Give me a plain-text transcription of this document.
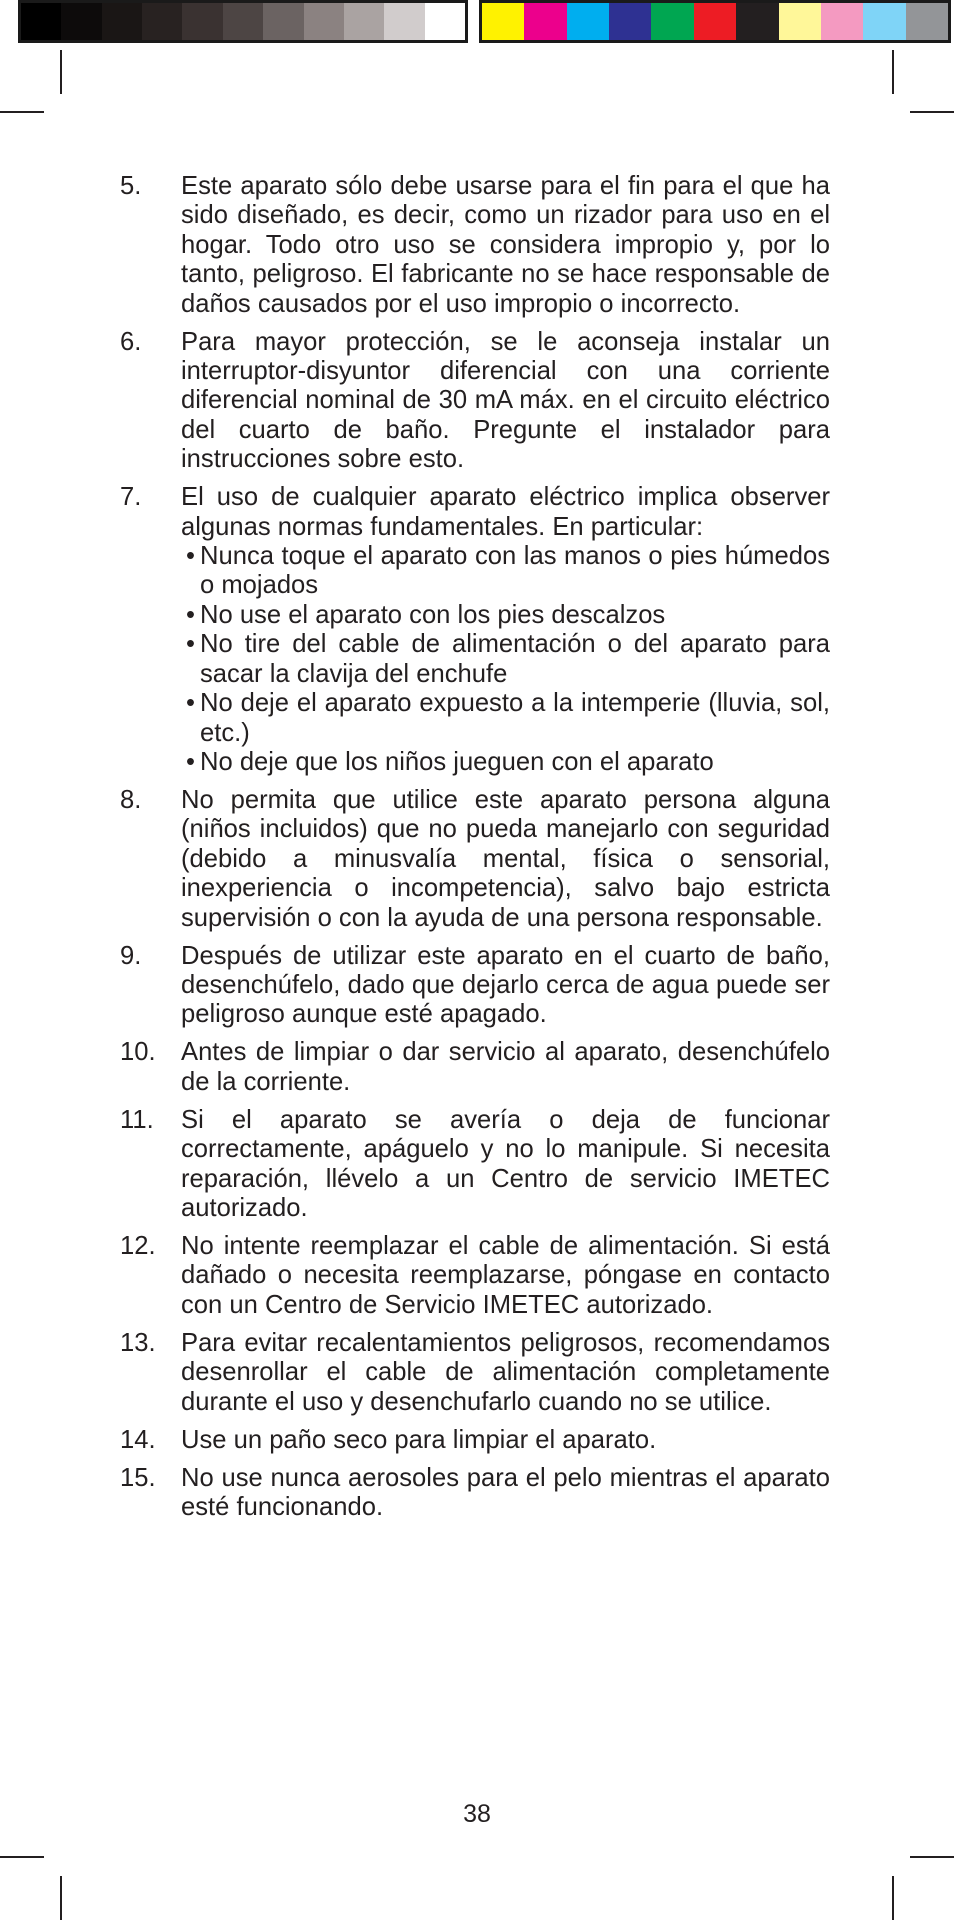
5.	Este aparato sólo debe usarse para el fin para el que ha sido diseñado, es decir, como un rizador para uso en el hogar. Todo otro uso se considera impropio y, por lo tanto, peligroso. El fabricante no se hace responsable de daños causados por el uso impropio o incorrecto.
6.	Para mayor protección, se le aconseja instalar un interruptor-disyuntor diferencial con una corriente diferencial nominal de 30 mA máx. en el circuito eléctrico del cuarto de baño. Pregunte el instalador para instrucciones sobre esto.
7.	El uso de cualquier aparato eléctrico implica observer algunas normas fundamentales. En particular:
• Nunca toque el aparato con las manos o pies húmedos o mojados
• No use el aparato con los pies descalzos
• No tire del cable de alimentación o del aparato para sacar la clavija del enchufe
• No deje el aparato expuesto a la intemperie (lluvia, sol, etc.)
• No deje que los niños jueguen con el aparato
8.	No permita que utilice este aparato persona alguna (niños incluidos) que no pueda manejarlo con seguridad (debido a minusvalía mental, física o sensorial, inexperiencia o incompetencia), salvo bajo estricta supervisión o con la ayuda de una persona responsable.
9.	Después de utilizar este aparato en el cuarto de baño, desenchúfelo, dado que dejarlo cerca de agua puede ser peligroso aunque esté apagado.
10. Antes de limpiar o dar servicio al aparato, desenchúfelo de la corriente.
11.	Si el aparato se avería o deja de funcionar correctamente, apáguelo y no lo manipule. Si necesita reparación, llévelo a un Centro de servicio IMETEC autorizado.
12. No intente reemplazar el cable de alimentación. Si está dañado o necesita reemplazarse, póngase en contacto con un Centro de Servicio IMETEC autorizado.
13. Para evitar recalentamientos peligrosos, recomendamos desenrollar el cable de alimentación completamente durante el uso y desenchufarlo cuando no se utilice.
14. Use un paño seco para limpiar el aparato.
15. No use nunca aerosoles para el pelo mientras el aparato esté funcionando.
38
